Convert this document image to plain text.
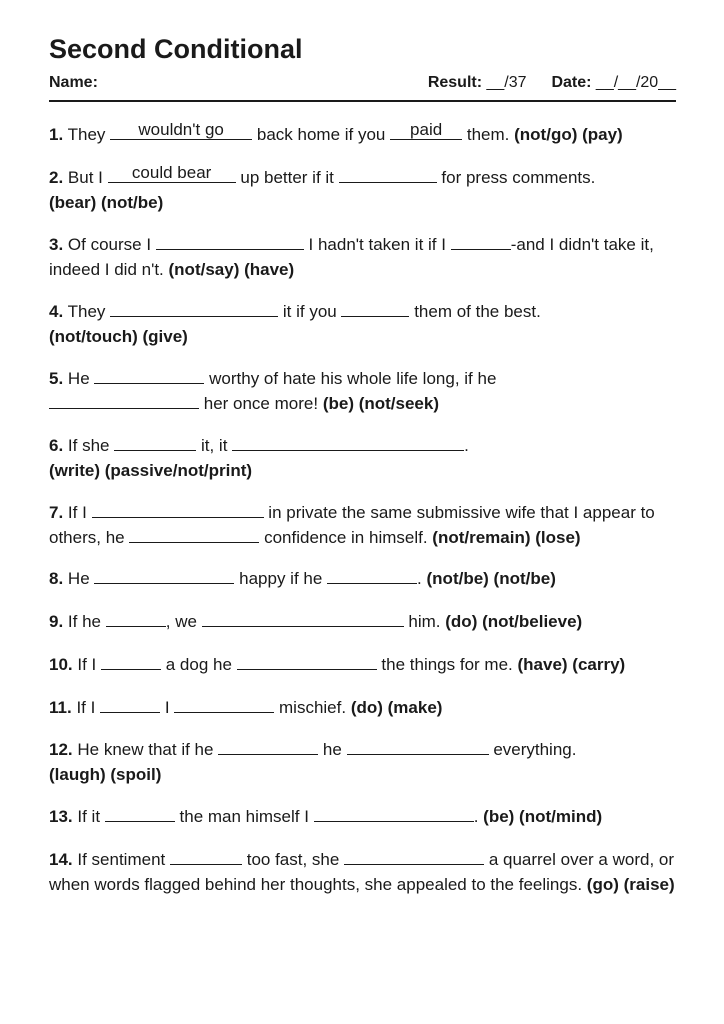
Second Conditional
Name:	Result: __/37 Date: __/__/20__
1. They	wouldn't go	back home if you	paid	them. (not/go) (pay)
2. But I	could bear	up better if it	for press comments.
(bear) (not/be)
3. Of course I	I hadn't taken it if I	-and I didn't take it, indeed I did n't. (not/say) (have)
4. They	it if you	them of the best.
(not/touch) (give)
5. He	worthy of hate his whole life long, if he

her once more! (be) (not/seek)
6. If she	it, it	.
(write) (passive/not/print)
7. If I	in private the same submissive wife that I appear to others, he	confidence in himself. (not/remain) (lose)
8. He	happy if he	. (not/be) (not/be)
9. If he	, we	him. (do) (not/believe)
10. If I	a dog he	the things for me. (have) (carry)
11. If I	I	mischief. (do) (make)
12. He knew that if he	he	everything.
(laugh) (spoil)
13. If it	the man himself I	. (be) (not/mind)
14. If sentiment	too fast, she	a quarrel over a word, or when words flagged behind her thoughts, she appealed to the feelings. (go) (raise)
